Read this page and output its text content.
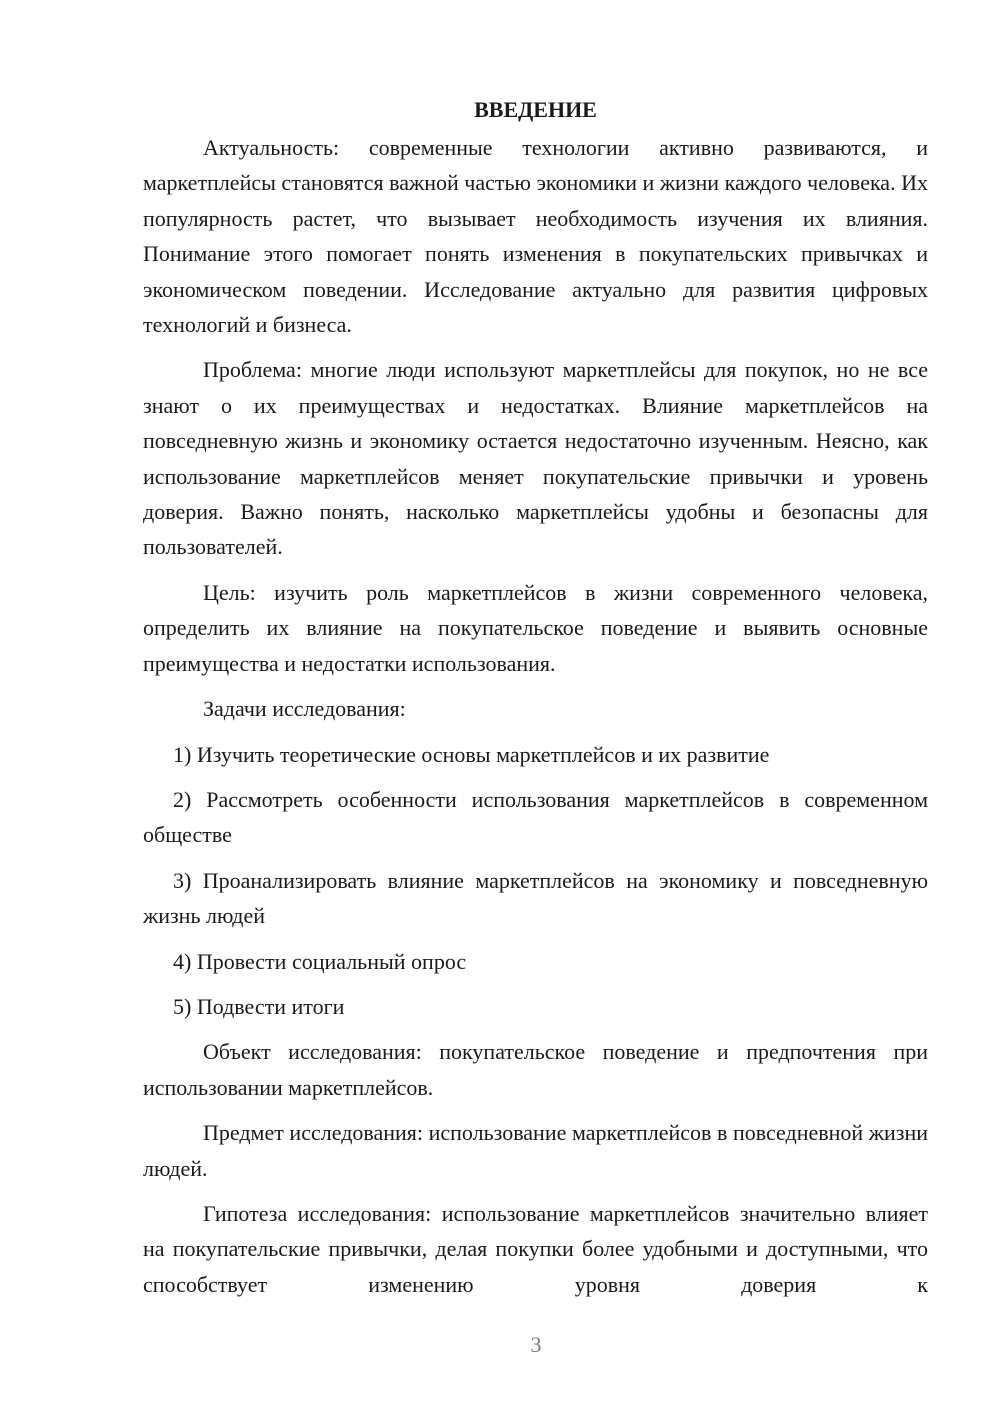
ВВЕДЕНИЕ

Актуальность: современные технологии активно развиваются, и маркетплейсы становятся важной частью экономики и жизни каждого человека. Их популярность растет, что вызывает необходимость изучения их влияния. Понимание этого помогает понять изменения в покупательских привычках и экономическом поведении. Исследование актуально для развития цифровых технологий и бизнеса.

Проблема: многие люди используют маркетплейсы для покупок, но не все знают о их преимуществах и недостатках. Влияние маркетплейсов на повседневную жизнь и экономику остается недостаточно изученным. Неясно, как использование маркетплейсов меняет покупательские привычки и уровень доверия. Важно понять, насколько маркетплейсы удобны и безопасны для пользователей.

Цель: изучить роль маркетплейсов в жизни современного человека, определить их влияние на покупательское поведение и выявить основные преимущества и недостатки использования.

Задачи исследования:

1) Изучить теоретические основы маркетплейсов и их развитие

2) Рассмотреть особенности использования маркетплейсов в современном обществе

3) Проанализировать влияние маркетплейсов на экономику и повседневную жизнь людей

4) Провести социальный опрос

5) Подвести итоги

Объект исследования: покупательское поведение и предпочтения при использовании маркетплейсов.

Предмет исследования: использование маркетплейсов в повседневной жизни людей.

Гипотеза исследования: использование маркетплейсов значительно влияет на покупательские привычки, делая покупки более удобными и доступными, что способствует изменению уровня доверия к

3
